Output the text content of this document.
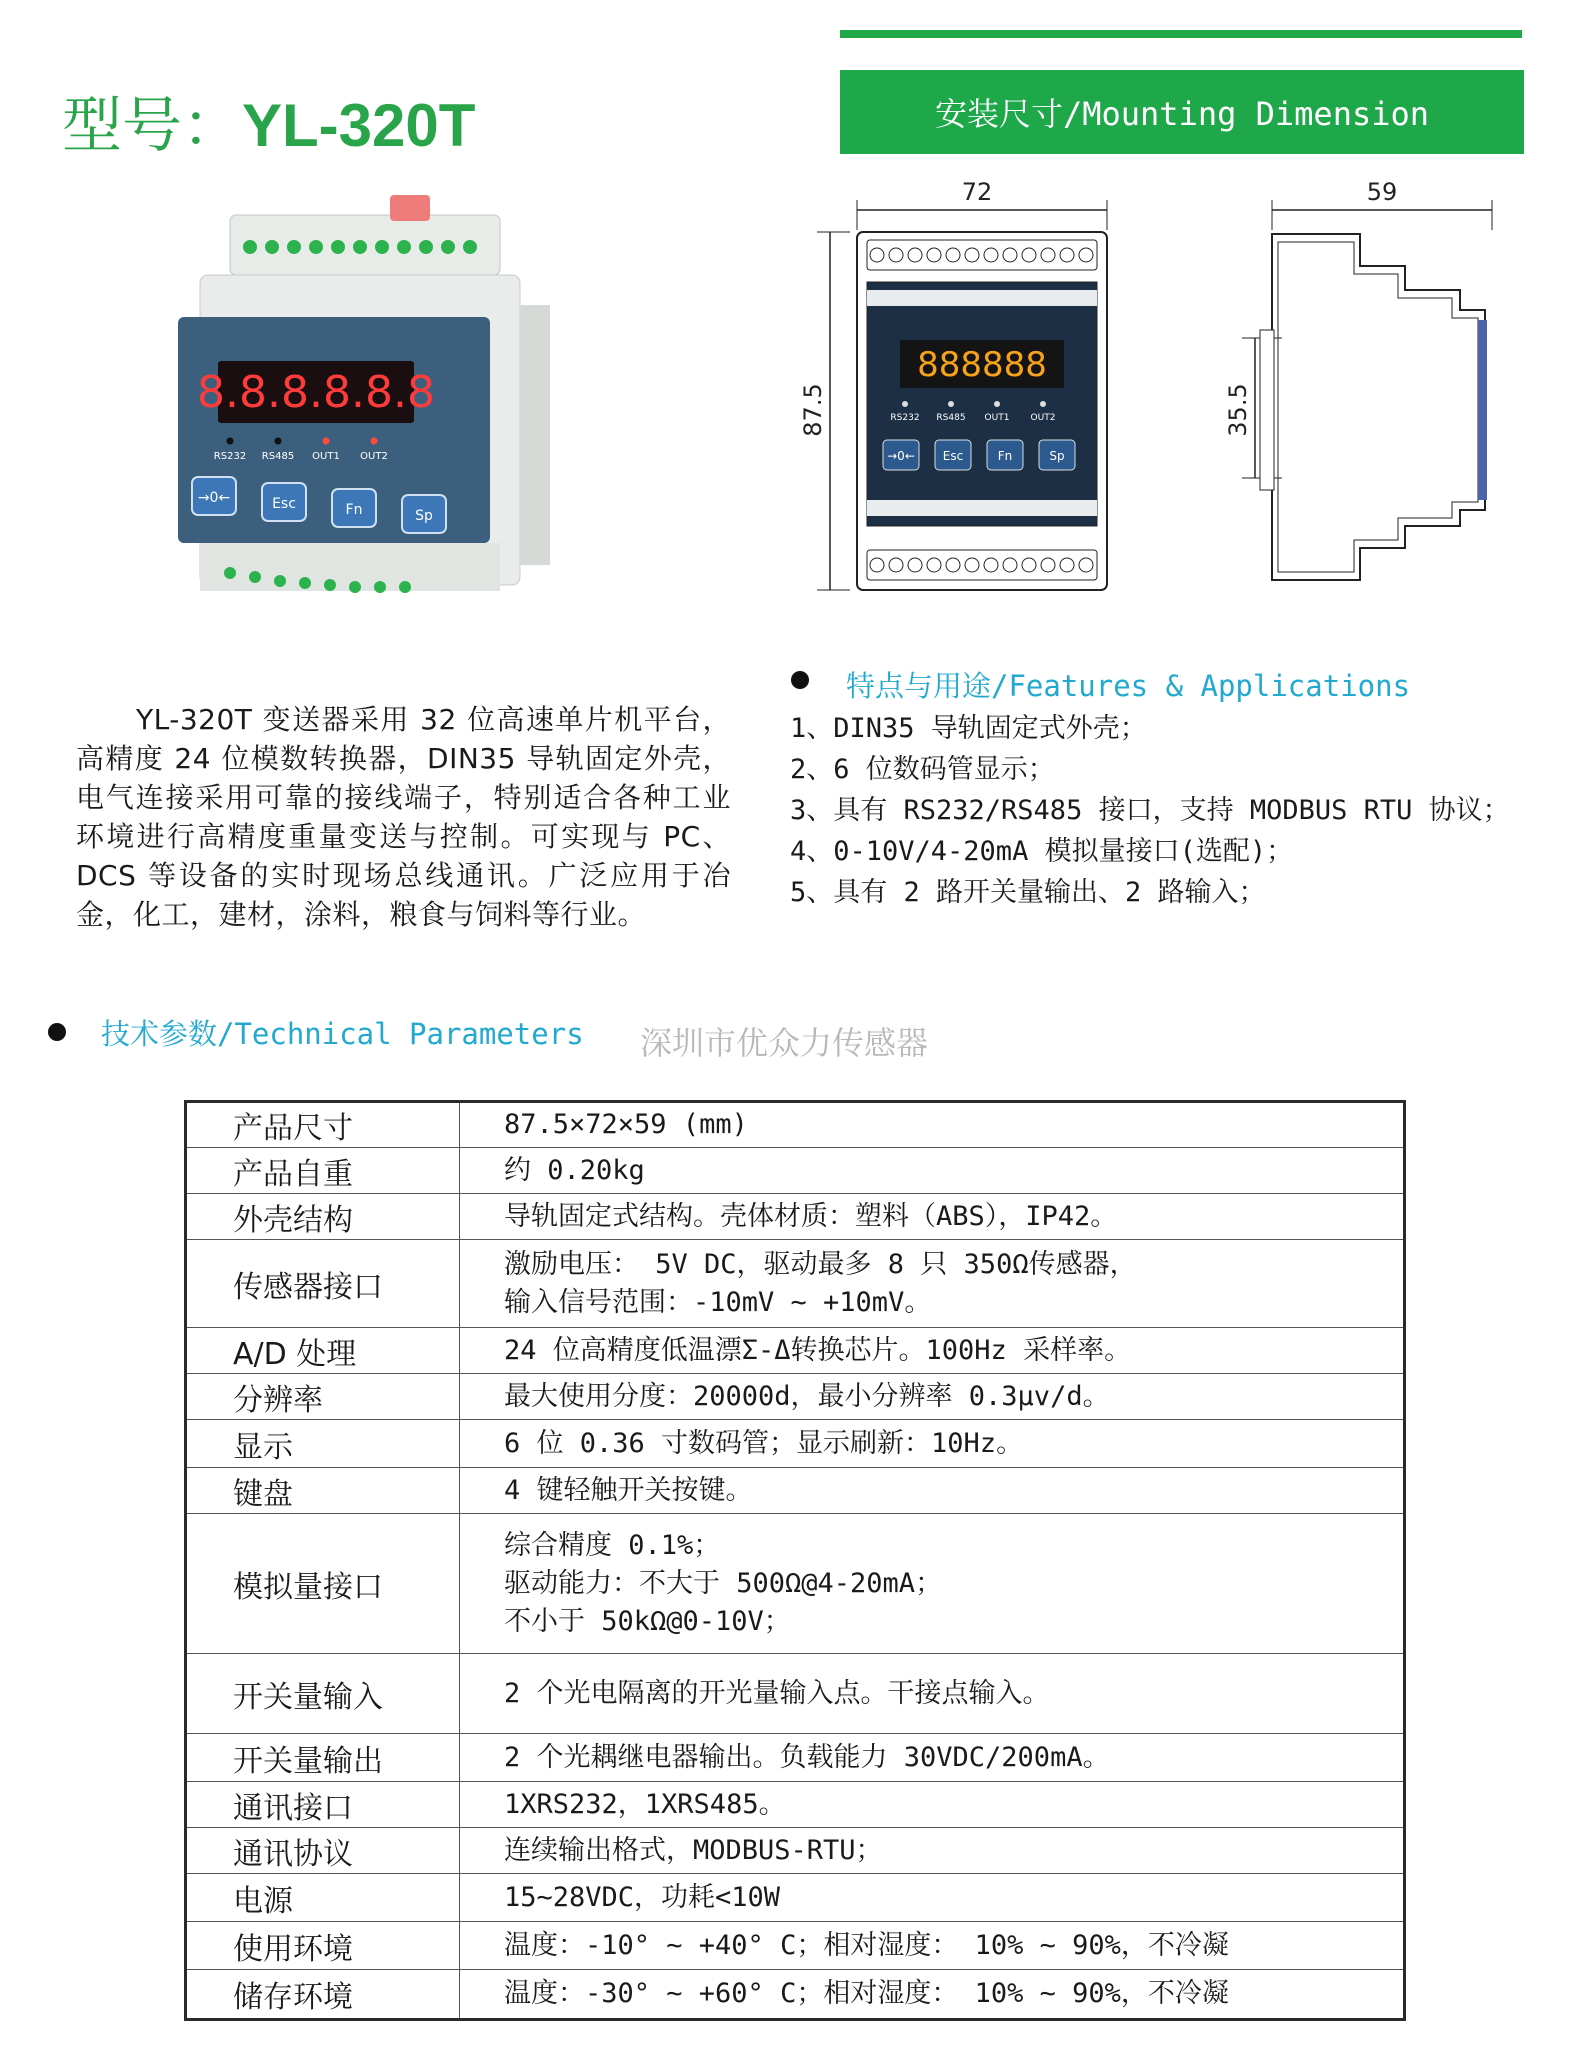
型号：YL-320T	安装尺寸/Mounting Dimension
8.8.8.8.8.8
RS232 RS485 OUT1 OUT2
→0←	Esc	Fn	Sp
72
87.5
888888
RS232 RS485 OUT1 OUT2
→0← Esc	Fn	Sp
59
35.5
YL-320T 变送器采用 32 位高速单片机平台，高精度 24 位模数转换器，DIN35 导轨固定外壳，电气连接采用可靠的接线端子，特别适合各种工业环境进行高精度重量变送与控制。可实现与 PC、DCS 等设备的实时现场总线通讯。广泛应用于冶金，化工，建材，涂料，粮食与饲料等行业。
特点与用途/Features & Applications
1、DIN35 导轨固定式外壳；
2、6 位数码管显示；
3、具有 RS232/RS485 接口，支持 MODBUS RTU 协议；
4、0-10V/4-20mA 模拟量接口(选配)；
5、具有 2 路开关量输出、2 路输入；
技术参数/Technical Parameters 深圳市优众力传感器
产品尺寸	87.5×72×59 (mm)

产品自重	约 0.20kg

外壳结构	导轨固定式结构。壳体材质：塑料（ABS），IP42。

传感器接口	激励电压： 5V DC，驱动最多 8 只 350Ω传感器，
输入信号范围：-10mV ~ +10mV。

A/D 处理	24 位高精度低温漂Σ-Δ转换芯片。100Hz 采样率。

分辨率	最大使用分度：20000d，最小分辨率 0.3μv/d。

显示	6 位 0.36 寸数码管；显示刷新：10Hz。

键盘	4 键轻触开关按键。

模拟量接口	综合精度 0.1%；
驱动能力：不大于 500Ω@4-20mA；
不小于 50kΩ@0-10V；

开关量输入	2 个光电隔离的开光量输入点。干接点输入。

开关量输出	2 个光耦继电器输出。负载能力 30VDC/200mA。

通讯接口	1XRS232，1XRS485。

通讯协议	连续输出格式，MODBUS-RTU；

电源	15~28VDC，功耗<10W

使用环境	温度：-10° ~ +40° C；相对湿度： 10% ~ 90%，不冷凝

储存环境	温度：-30° ~ +60° C；相对湿度： 10% ~ 90%，不冷凝
